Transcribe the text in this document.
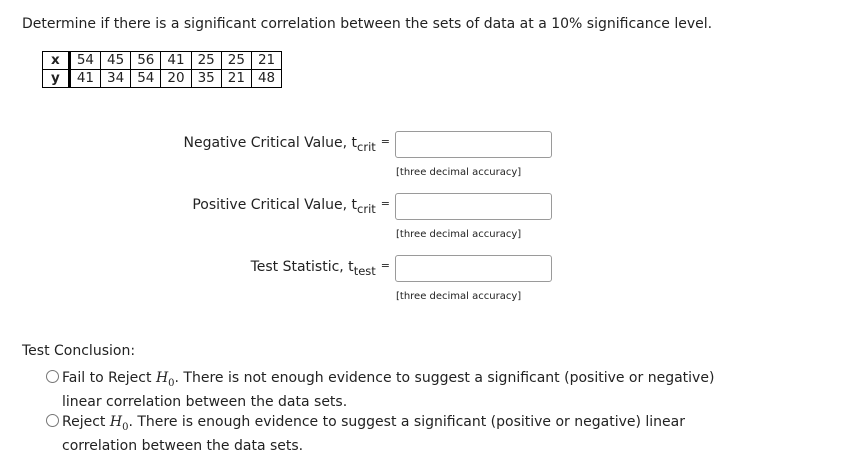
Determine if there is a significant correlation between the sets of data at a 10% significance level.
x	54	45	56	41	25	25	21
y	41	34	54	20	35	21	48
Negative Critical Value, $t_{crit}$ =
[three decimal accuracy]
Positive Critical Value, $t_{crit}$ =
[three decimal accuracy]
Test Statistic, $t_{test}$ =
[three decimal accuracy]
Test Conclusion:
Fail to Reject $H_0$. There is not enough evidence to suggest a significant (positive or negative) linear correlation between the data sets.
Reject $H_0$. There is enough evidence to suggest a significant (positive or negative) linear correlation between the data sets.
